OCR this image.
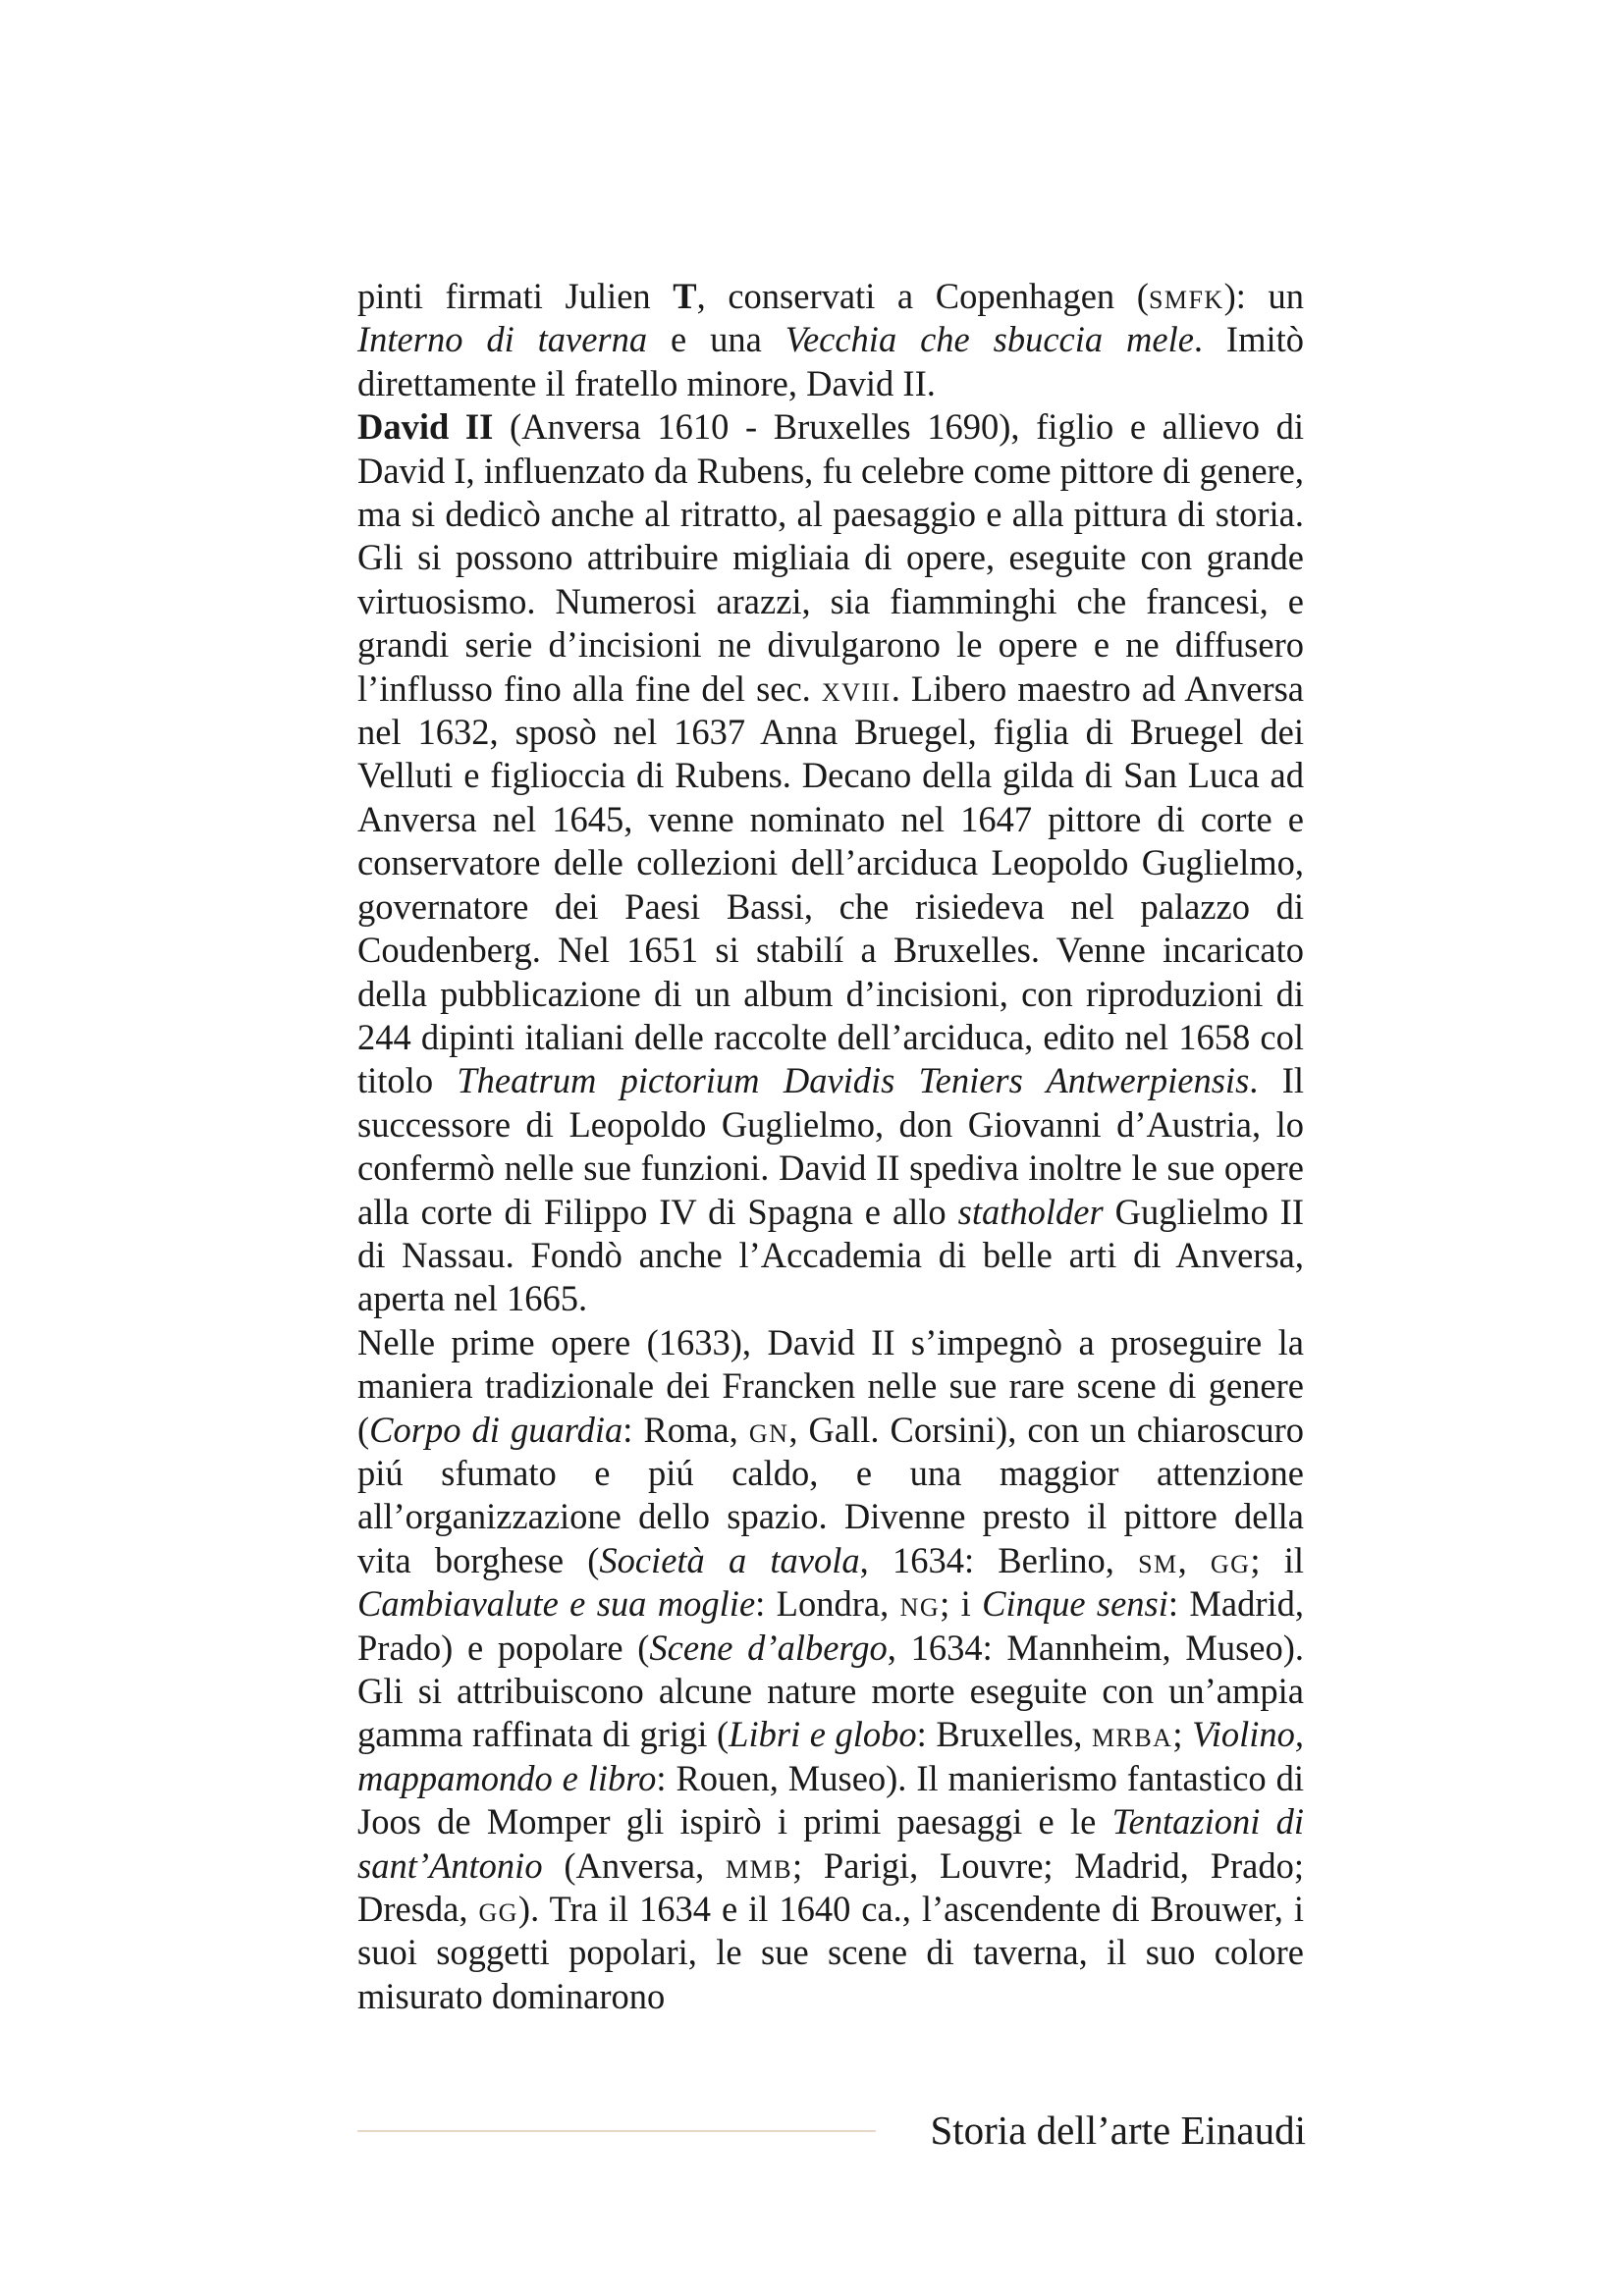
pinti firmati Julien T, conservati a Copenhagen (smfk): un Interno di taverna e una Vecchia che sbuccia mele. Imitò direttamente il fratello minore, David II.

David II (Anversa 1610 - Bruxelles 1690), figlio e allievo di David I, influenzato da Rubens, fu celebre come pittore di genere, ma si dedicò anche al ritratto, al paesaggio e alla pittura di storia. Gli si possono attribuire migliaia di opere, eseguite con grande virtuosismo. Numerosi arazzi, sia fiamminghi che francesi, e grandi serie d’incisioni ne divulgarono le opere e ne diffusero l’influsso fino alla fine del sec. xviii. Libero maestro ad Anversa nel 1632, sposò nel 1637 Anna Bruegel, figlia di Bruegel dei Velluti e figlioccia di Rubens. Decano della gilda di San Luca ad Anversa nel 1645, venne nominato nel 1647 pittore di corte e conservatore delle collezioni dell’arciduca Leopoldo Guglielmo, governatore dei Paesi Bassi, che risiedeva nel palazzo di Coudenberg. Nel 1651 si stabilí a Bruxelles. Venne incaricato della pubblicazione di un album d’incisioni, con riproduzioni di 244 dipinti italiani delle raccolte dell’arciduca, edito nel 1658 col titolo Theatrum pictorium Davidis Teniers Antwerpiensis. Il successore di Leopoldo Guglielmo, don Giovanni d’Austria, lo confermò nelle sue funzioni. David II spediva inoltre le sue opere alla corte di Filippo IV di Spagna e allo statholder Guglielmo II di Nassau. Fondò anche l’Accademia di belle arti di Anversa, aperta nel 1665.

Nelle prime opere (1633), David II s’impegnò a proseguire la maniera tradizionale dei Francken nelle sue rare scene di genere (Corpo di guardia: Roma, gn, Gall. Corsini), con un chiaroscuro piú sfumato e piú caldo, e una maggior attenzione all’organizzazione dello spazio. Divenne presto il pittore della vita borghese (Società a tavola, 1634: Berlino, sm, gg; il Cambiavalute e sua moglie: Londra, ng; i Cinque sensi: Madrid, Prado) e popolare (Scene d’albergo, 1634: Mannheim, Museo). Gli si attribuiscono alcune nature morte eseguite con un’ampia gamma raffinata di grigi (Libri e globo: Bruxelles, mrba; Violino, mappamondo e libro: Rouen, Museo). Il manierismo fantastico di Joos de Momper gli ispirò i primi paesaggi e le Tentazioni di sant’Antonio (Anversa, mmb; Parigi, Louvre; Madrid, Prado; Dresda, gg). Tra il 1634 e il 1640 ca., l’ascendente di Brouwer, i suoi soggetti popolari, le sue scene di taverna, il suo colore misurato dominarono

Storia dell’arte Einaudi
